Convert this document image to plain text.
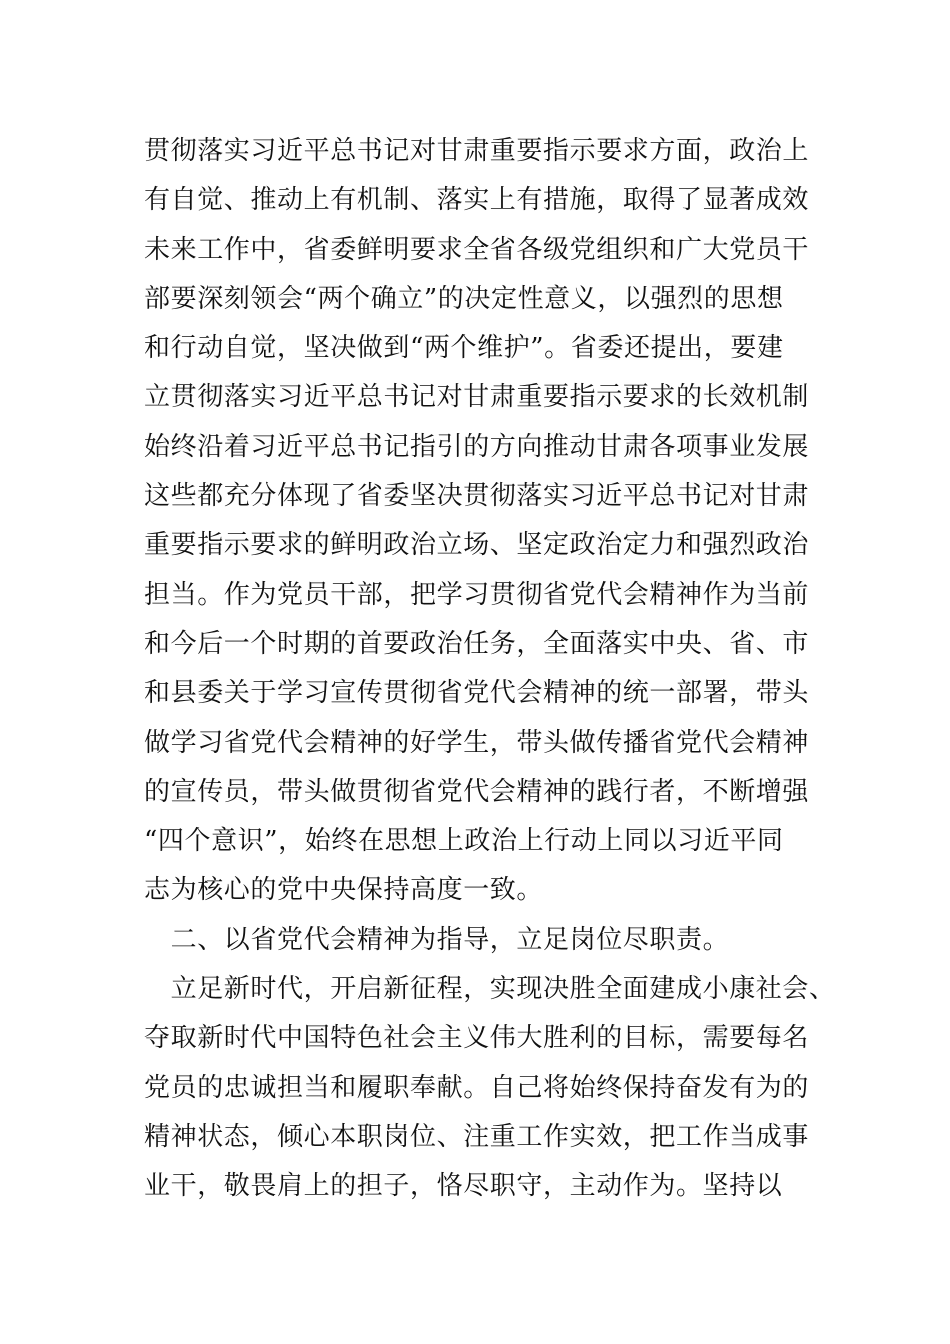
贯彻落实习近平总书记对甘肃重要指示要求方面，政治上
有自觉、推动上有机制、落实上有措施，取得了显著成效
未来工作中，省委鲜明要求全省各级党组织和广大党员干
部要深刻领会“两个确立”的决定性意义，以强烈的思想
和行动自觉，坚决做到“两个维护”。省委还提出，要建
立贯彻落实习近平总书记对甘肃重要指示要求的长效机制
始终沿着习近平总书记指引的方向推动甘肃各项事业发展
这些都充分体现了省委坚决贯彻落实习近平总书记对甘肃
重要指示要求的鲜明政治立场、坚定政治定力和强烈政治
担当。作为党员干部，把学习贯彻省党代会精神作为当前
和今后一个时期的首要政治任务，全面落实中央、省、市
和县委关于学习宣传贯彻省党代会精神的统一部署，带头
做学习省党代会精神的好学生，带头做传播省党代会精神
的宣传员，带头做贯彻省党代会精神的践行者，不断增强
“四个意识”，始终在思想上政治上行动上同以习近平同
志为核心的党中央保持高度一致。
　二、以省党代会精神为指导，立足岗位尽职责。
　立足新时代，开启新征程，实现决胜全面建成小康社会、
夺取新时代中国特色社会主义伟大胜利的目标，需要每名
党员的忠诚担当和履职奉献。自己将始终保持奋发有为的
精神状态，倾心本职岗位、注重工作实效，把工作当成事
业干，敬畏肩上的担子，恪尽职守，主动作为。坚持以
